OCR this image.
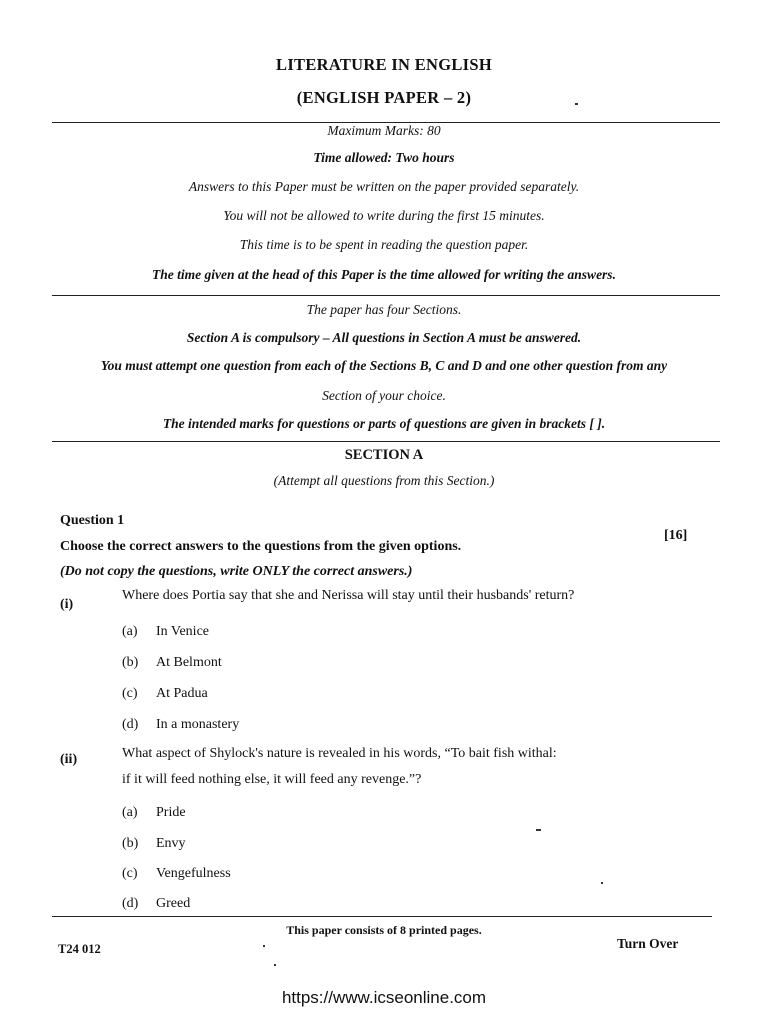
LITERATURE IN ENGLISH
(ENGLISH PAPER – 2)
Maximum Marks: 80
Time allowed: Two hours
Answers to this Paper must be written on the paper provided separately.
You will not be allowed to write during the first 15 minutes.
This time is to be spent in reading the question paper.
The time given at the head of this Paper is the time allowed for writing the answers.
The paper has four Sections.
Section A is compulsory – All questions in Section A must be answered.
You must attempt one question from each of the Sections B, C and D and one other question from any
Section of your choice.
The intended marks for questions or parts of questions are given in brackets [ ].
SECTION A
(Attempt all questions from this Section.)
Question 1
Choose the correct answers to the questions from the given options.
[16]
(Do not copy the questions, write ONLY the correct answers.)
(i)
Where does Portia say that she and Nerissa will stay until their husbands' return?
(a) In Venice
(b) At Belmont
(c) At Padua
(d) In a monastery
(ii)	What aspect of Shylock's nature is revealed in his words, “To bait fish withal:
if it will feed nothing else, it will feed any revenge.”?
(a) Pride
(b) Envy
(c) Vengefulness
(d) Greed
This paper consists of 8 printed pages.
T24 012	Turn Over
https://www.icseonline.com
